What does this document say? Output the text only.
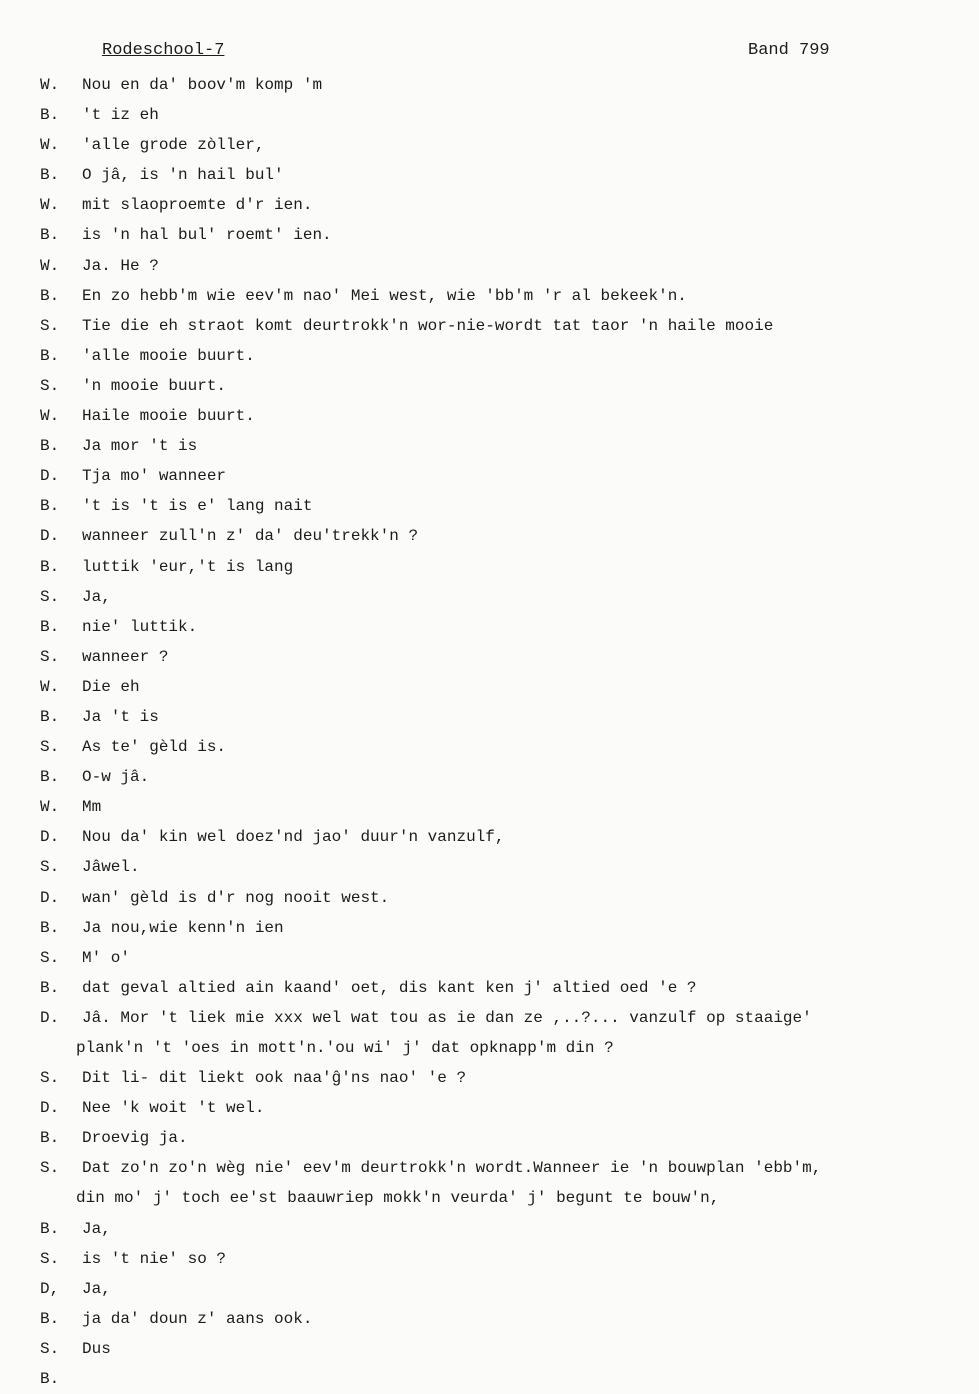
Rodeschool-7	Band 799
W. Nou en da' boov'm komp 'm
B. 't iz eh
W. 'alle grode zòller,
B. O jâ, is 'n hail bul'
W. mit slaoproemte d'r ien.
B. is 'n hal bul' roemt' ien.
W. Ja. He ?
B. En zo hebb'm wie eev'm nao' Mei west, wie 'bb'm 'r al bekeek'n.
S. Tie die eh straot komt deurtrokk'n wor-nie-wordt tat taor 'n haile mooie
B. 'alle mooie buurt.
S. 'n mooie buurt.
W. Haile mooie buurt.
B. Ja mor 't is
D. Tja mo' wanneer
B. 't is 't is e' lang nait
D. wanneer zull'n z' da' deu'trekk'n ?
B. luttik 'eur,'t is lang
S. Ja,
B. nie' luttik.
S. wanneer ?
W. Die eh
B. Ja 't is
S. As te' gèld is.
B. O-w jâ.
W. Mm
D. Nou da' kin wel doez'nd jao' duur'n vanzulf,
S. Jâwel.
D. wan' gèld is d'r nog nooit west.
B. Ja nou,wie kenn'n ien
S. M' o'
B. dat geval altied ain kaand' oet, dis kant ken j' altied oed 'e ?
D. Jâ. Mor 't liek mie xxx wel wat tou as ie dan ze ,..?... vanzulf op staaige'
plank'n 't 'oes in mott'n.'ou wi' j' dat opknapp'm din ?
S. Dit li- dit liekt ook naa'ĝ'ns nao' 'e ?
D. Nee 'k woit 't wel.
B. Droevig ja.
S. Dat zo'n zo'n wèg nie' eev'm deurtrokk'n wordt.Wanneer ie 'n bouwplan 'ebb'm,
din mo' j' toch ee'st baauwriep mokk'n veurda' j' begunt te bouw'n,
B. Ja,
S. is 't nie' so ?
D, Ja,
B. ja da' doun z' aans ook.
S. Dus
B.
